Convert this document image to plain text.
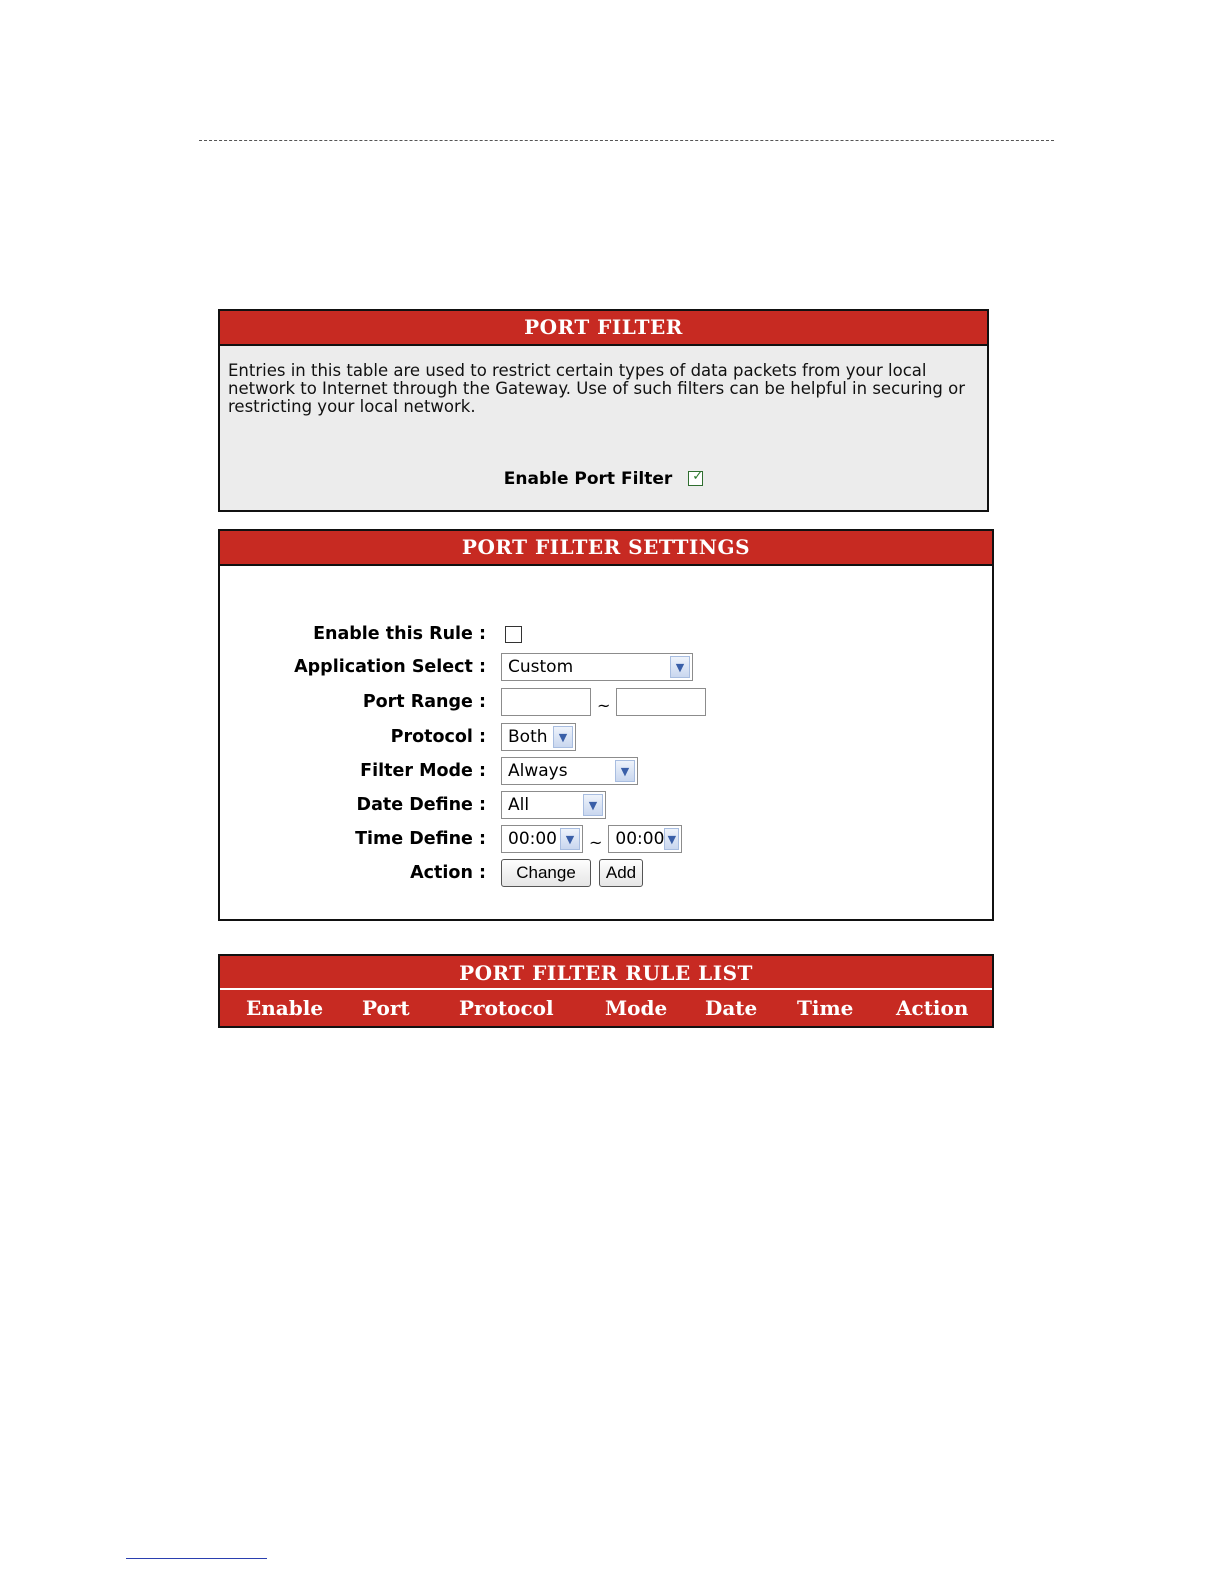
PORT FILTER
Entries in this table are used to restrict certain types of data packets from your local network to Internet through the Gateway. Use of such filters can be helpful in securing or restricting your local network.
Enable Port Filter ✓
PORT FILTER SETTINGS
Enable this Rule :
Application Select : Custom	▼
Port Range :	~
Protocol : Both	▼
Filter Mode : Always	▼
Date Define : All	▼
Time Define : 00:00 ▼ ~ 00:00 ▼
Action :	Change	Add
PORT FILTER RULE LIST
Enable Port Protocol	Mode Date Time Action
